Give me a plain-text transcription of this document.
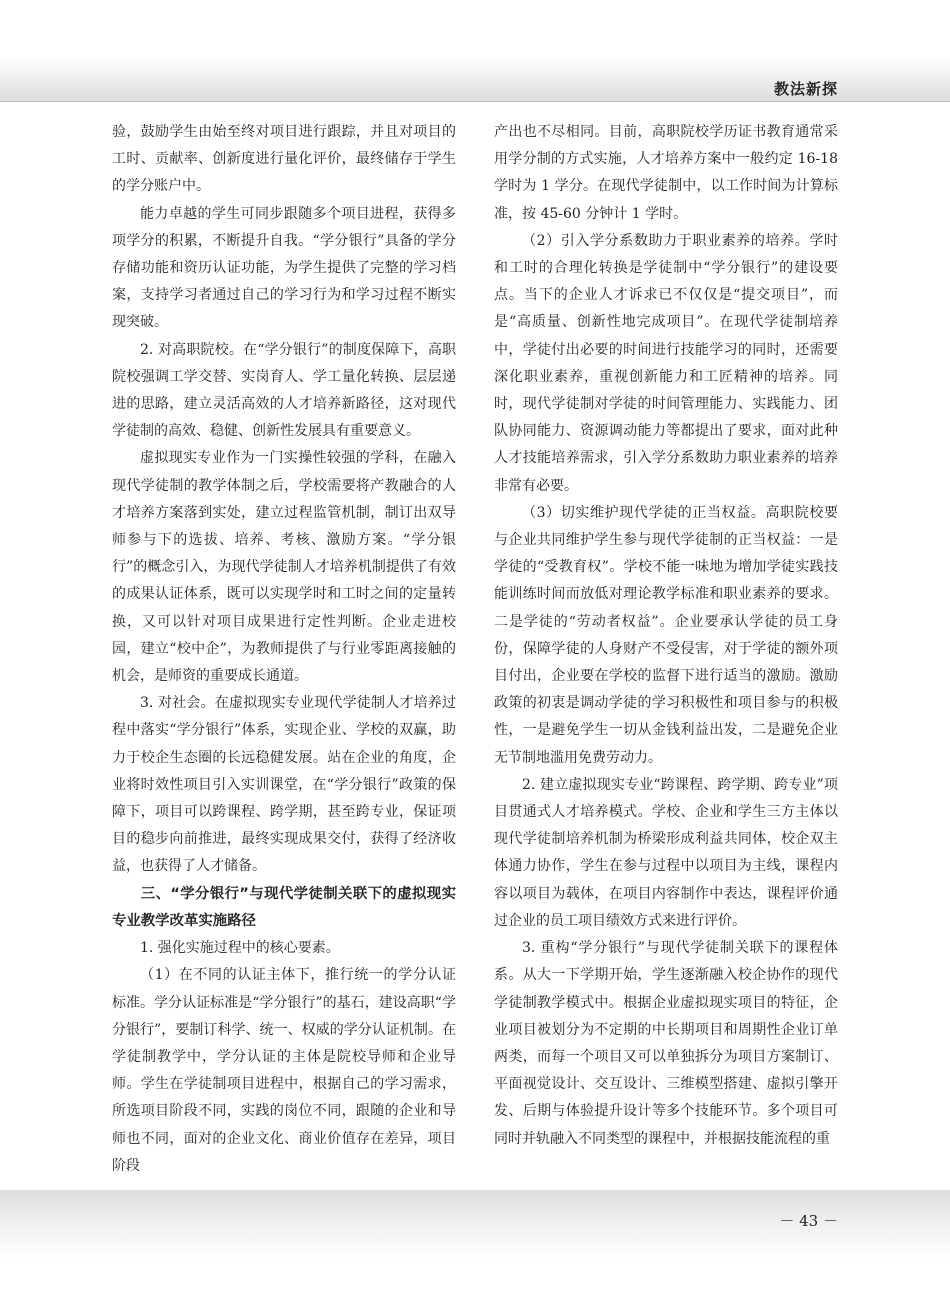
教法新探

验，鼓励学生由始至终对项目进行跟踪，并且对项目的工时、贡献率、创新度进行量化评价，最终储存于学生的学分账户中。

能力卓越的学生可同步跟随多个项目进程，获得多项学分的积累，不断提升自我。“学分银行”具备的学分存储功能和资历认证功能，为学生提供了完整的学习档案，支持学习者通过自己的学习行为和学习过程不断实现突破。

2. 对高职院校。在“学分银行”的制度保障下，高职院校强调工学交替、实岗育人、学工量化转换、层层递进的思路，建立灵活高效的人才培养新路径，这对现代学徒制的高效、稳健、创新性发展具有重要意义。

虚拟现实专业作为一门实操性较强的学科，在融入现代学徒制的教学体制之后，学校需要将产教融合的人才培养方案落到实处，建立过程监管机制，制订出双导师参与下的选拔、培养、考核、激励方案。“学分银行”的概念引入，为现代学徒制人才培养机制提供了有效的成果认证体系，既可以实现学时和工时之间的定量转换，又可以针对项目成果进行定性判断。企业走进校园，建立“校中企”，为教师提供了与行业零距离接触的机会，是师资的重要成长通道。

3. 对社会。在虚拟现实专业现代学徒制人才培养过程中落实“学分银行”体系，实现企业、学校的双赢，助力于校企生态圈的长远稳健发展。站在企业的角度，企业将时效性项目引入实训课堂，在“学分银行”政策的保障下，项目可以跨课程、跨学期，甚至跨专业，保证项目的稳步向前推进，最终实现成果交付，获得了经济收益，也获得了人才储备。

三、“学分银行”与现代学徒制关联下的虚拟现实专业教学改革实施路径

1. 强化实施过程中的核心要素。

（1）在不同的认证主体下，推行统一的学分认证标准。学分认证标准是“学分银行”的基石，建设高职“学分银行”，要制订科学、统一、权威的学分认证机制。在学徒制教学中，学分认证的主体是院校导师和企业导师。学生在学徒制项目进程中，根据自己的学习需求，所选项目阶段不同，实践的岗位不同，跟随的企业和导师也不同，面对的企业文化、商业价值存在差异，项目阶段

产出也不尽相同。目前，高职院校学历证书教育通常采用学分制的方式实施，人才培养方案中一般约定 16-18 学时为 1 学分。在现代学徒制中，以工作时间为计算标准，按 45-60 分钟计 1 学时。

（2）引入学分系数助力于职业素养的培养。学时和工时的合理化转换是学徒制中“学分银行”的建设要点。当下的企业人才诉求已不仅仅是“提交项目”，而是“高质量、创新性地完成项目”。在现代学徒制培养中，学徒付出必要的时间进行技能学习的同时，还需要深化职业素养，重视创新能力和工匠精神的培养。同时，现代学徒制对学徒的时间管理能力、实践能力、团队协同能力、资源调动能力等都提出了要求，面对此种人才技能培养需求，引入学分系数助力职业素养的培养非常有必要。

（3）切实维护现代学徒的正当权益。高职院校要与企业共同维护学生参与现代学徒制的正当权益：一是学徒的“受教育权”。学校不能一味地为增加学徒实践技能训练时间而放低对理论教学标准和职业素养的要求。二是学徒的“劳动者权益”。企业要承认学徒的员工身份，保障学徒的人身财产不受侵害，对于学徒的额外项目付出，企业要在学校的监督下进行适当的激励。激励政策的初衷是调动学徒的学习积极性和项目参与的积极性，一是避免学生一切从金钱利益出发，二是避免企业无节制地滥用免费劳动力。

2. 建立虚拟现实专业“跨课程、跨学期、跨专业”项目贯通式人才培养模式。学校、企业和学生三方主体以现代学徒制培养机制为桥梁形成利益共同体，校企双主体通力协作，学生在参与过程中以项目为主线，课程内容以项目为载体，在项目内容制作中表达，课程评价通过企业的员工项目绩效方式来进行评价。

3. 重构“学分银行”与现代学徒制关联下的课程体系。从大一下学期开始，学生逐渐融入校企协作的现代学徒制教学模式中。根据企业虚拟现实项目的特征，企业项目被划分为不定期的中长期项目和周期性企业订单两类，而每一个项目又可以单独拆分为项目方案制订、平面视觉设计、交互设计、三维模型搭建、虚拟引擎开发、后期与体验提升设计等多个技能环节。多个项目可同时并轨融入不同类型的课程中，并根据技能流程的重

－ 43 －
